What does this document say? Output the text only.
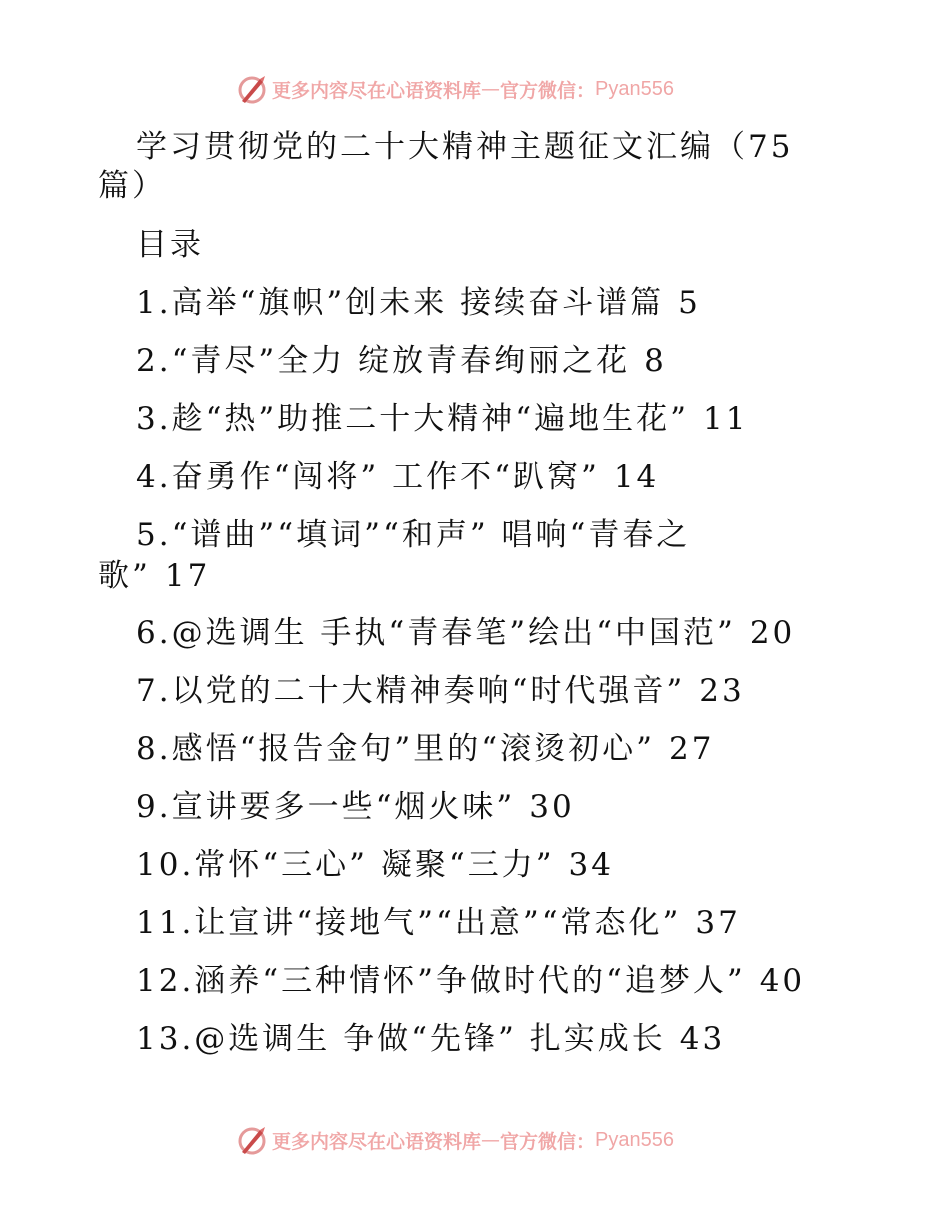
更多内容尽在心语资料库 — 官方微信： Pyan556
学习贯彻党的二十大精神主题征文汇编（75
篇）
目录
1.高举“旗帜”创未来 接续奋斗谱篇 5
2.“青尽”全力 绽放青春绚丽之花 8
3.趁“热”助推二十大精神“遍地生花” 11
4.奋勇作“闯将” 工作不“趴窝” 14
5.“谱曲”“填词”“和声” 唱响“青春之
歌” 17
6.@选调生 手执“青春笔”绘出“中国范” 20
7.以党的二十大精神奏响“时代强音” 23
8.感悟“报告金句”里的“滚烫初心” 27
9.宣讲要多一些“烟火味” 30
10.常怀“三心” 凝聚“三力” 34
11.让宣讲“接地气”“出意”“常态化” 37
12.涵养“三种情怀”争做时代的“追梦人” 40
13.@选调生 争做“先锋” 扎实成长 43
更多内容尽在心语资料库 — 官方微信： Pyan556
